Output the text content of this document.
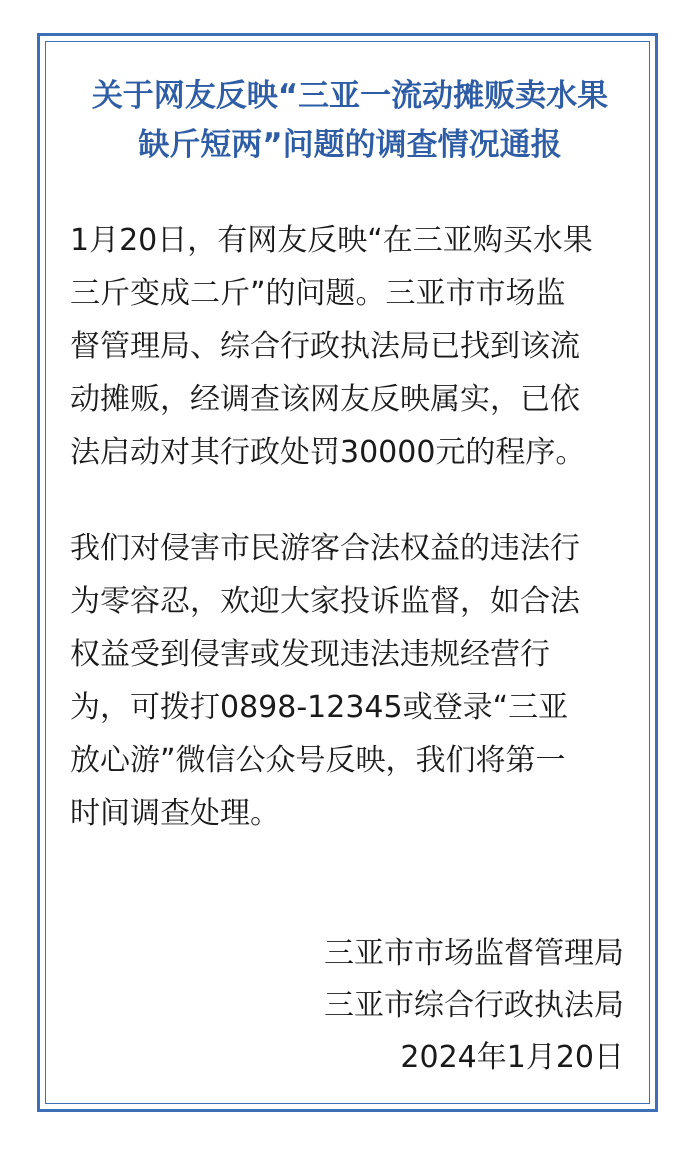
关于网友反映“三亚一流动摊贩卖水果
缺斤短两”问题的调查情况通报
1月20日，有网友反映“在三亚购买水果
三斤变成二斤”的问题。三亚市市场监
督管理局、综合行政执法局已找到该流
动摊贩，经调查该网友反映属实，已依
法启动对其行政处罚30000元的程序。
我们对侵害市民游客合法权益的违法行
为零容忍，欢迎大家投诉监督，如合法
权益受到侵害或发现违法违规经营行
为，可拨打0898-12345或登录“三亚
放心游”微信公众号反映，我们将第一
时间调查处理。
三亚市市场监督管理局
三亚市综合行政执法局
2024年1月20日
